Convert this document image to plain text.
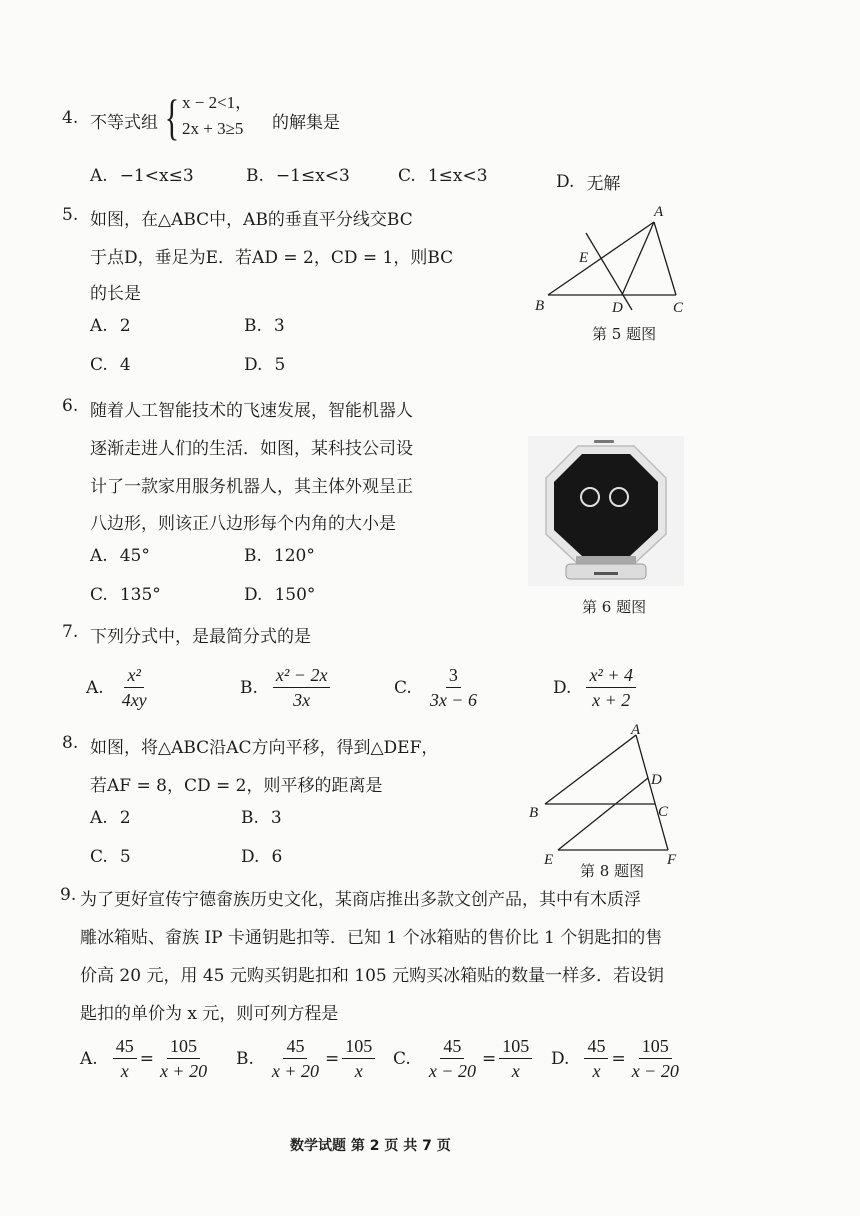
4. 不等式组 { x − 2<1，
2x + 3≥5	的解集是
A. −1<x≤3	B. −1≤x<3	C. 1≤x<3	D. 无解
5. 如图，在△ABC中，AB的垂直平分线交BC
于点D，垂足为E．若AD = 2，CD = 1，则BC
的长是
A. 2	B. 3
C. 4	D. 5
A
B	C
D
E
第 5 题图
6. 随着人工智能技术的飞速发展，智能机器人
逐渐走进人们的生活．如图，某科技公司设
计了一款家用服务机器人，其主体外观呈正
八边形，则该正八边形每个内角的大小是
A. 45°	B. 120°
C. 135°	D. 150°
第 6 题图
7. 下列分式中，是最简分式的是
A. $\frac{\text{x²}}{4xy}$	B. $\frac{\text{x² − 2x}}{3x}$	C. $\frac{3}{3x - 6}$	D. $\frac{\text{x² + 4}}{x + 2}$
8. 如图，将△ABC沿AC方向平移，得到△DEF，
若AF = 8，CD = 2，则平移的距离是
A. 2	B. 3
C. 5	D. 6
A
B	C
D
E	F
第 8 题图
9. 为了更好宣传宁德畲族历史文化，某商店推出多款文创产品，其中有木质浮
雕冰箱贴、畲族 IP 卡通钥匙扣等．已知 1 个冰箱贴的售价比 1 个钥匙扣的售
价高 20 元，用 45 元购买钥匙扣和 105 元购买冰箱贴的数量一样多．若设钥
匙扣的单价为 x 元，则可列方程是
A. $\frac{45}{x} = \frac{105}{x + 20} B$. $\frac{45}{x + 20} = \frac{105}{x} C$. $\frac{45}{x - 20} = \frac{105}{x} D$. $\frac{45}{x} = \frac{105}{x - 20}$
数学试题 第 2 页 共 7 页
